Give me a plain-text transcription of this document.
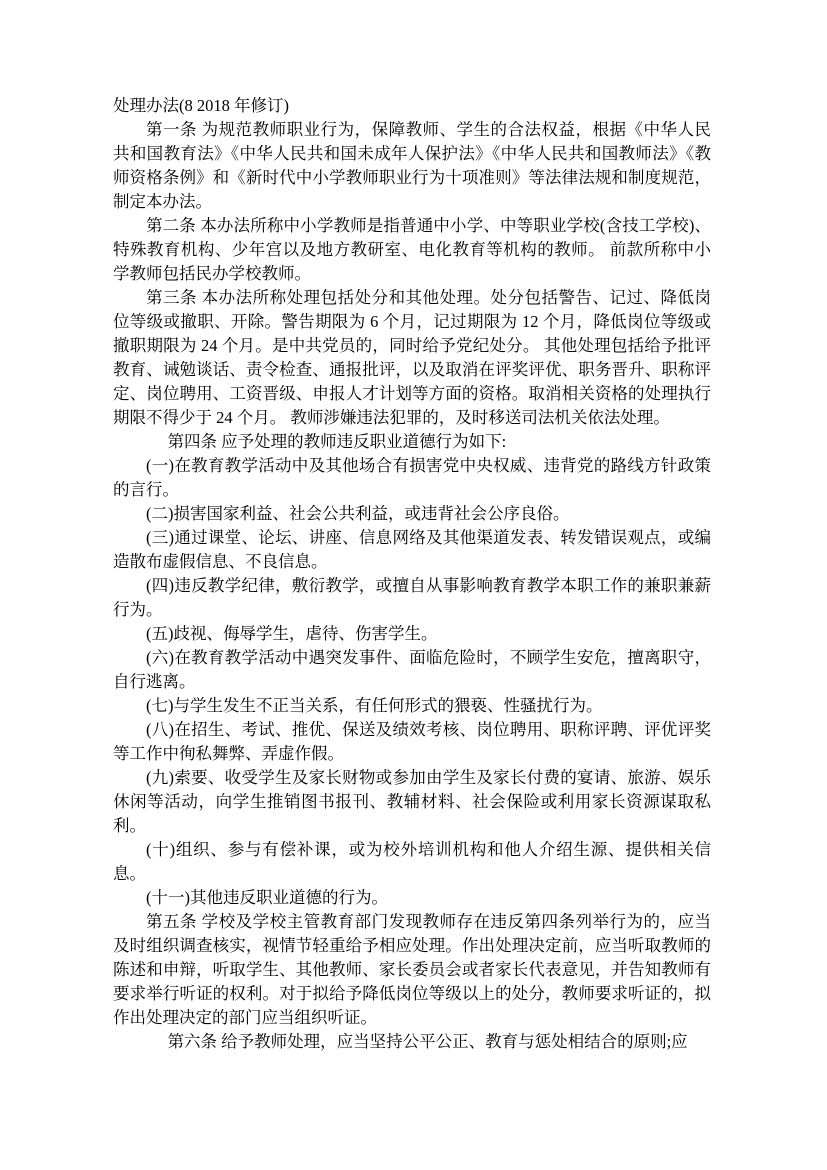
处理办法(8 2018 年修订)

第一条 为规范教师职业行为，保障教师、学生的合法权益，根据《中华人民共和国教育法》《中华人民共和国未成年人保护法》《中华人民共和国教师法》《教师资格条例》和《新时代中小学教师职业行为十项准则》等法律法规和制度规范，制定本办法。

第二条 本办法所称中小学教师是指普通中小学、中等职业学校(含技工学校)、特殊教育机构、少年宫以及地方教研室、电化教育等机构的教师。 前款所称中小学教师包括民办学校教师。

第三条 本办法所称处理包括处分和其他处理。处分包括警告、记过、降低岗位等级或撤职、开除。警告期限为 6 个月，记过期限为 12 个月，降低岗位等级或撤职期限为 24 个月。是中共党员的，同时给予党纪处分。 其他处理包括给予批评教育、诫勉谈话、责令检查、通报批评，以及取消在评奖评优、职务晋升、职称评定、岗位聘用、工资晋级、申报人才计划等方面的资格。取消相关资格的处理执行期限不得少于 24 个月。 教师涉嫌违法犯罪的，及时移送司法机关依法处理。

第四条 应予处理的教师违反职业道德行为如下:

(一)在教育教学活动中及其他场合有损害党中央权威、违背党的路线方针政策的言行。

(二)损害国家利益、社会公共利益，或违背社会公序良俗。

(三)通过课堂、论坛、讲座、信息网络及其他渠道发表、转发错误观点，或编造散布虚假信息、不良信息。

(四)违反教学纪律，敷衍教学，或擅自从事影响教育教学本职工作的兼职兼薪行为。

(五)歧视、侮辱学生，虐待、伤害学生。

(六)在教育教学活动中遇突发事件、面临危险时，不顾学生安危，擅离职守，自行逃离。

(七)与学生发生不正当关系，有任何形式的猥亵、性骚扰行为。

(八)在招生、考试、推优、保送及绩效考核、岗位聘用、职称评聘、评优评奖等工作中徇私舞弊、弄虚作假。

(九)索要、收受学生及家长财物或参加由学生及家长付费的宴请、旅游、娱乐休闲等活动，向学生推销图书报刊、教辅材料、社会保险或利用家长资源谋取私利。

(十)组织、参与有偿补课，或为校外培训机构和他人介绍生源、提供相关信息。

(十一)其他违反职业道德的行为。

第五条 学校及学校主管教育部门发现教师存在违反第四条列举行为的，应当及时组织调查核实，视情节轻重给予相应处理。作出处理决定前，应当听取教师的陈述和申辩，听取学生、其他教师、家长委员会或者家长代表意见，并告知教师有要求举行听证的权利。对于拟给予降低岗位等级以上的处分，教师要求听证的，拟作出处理决定的部门应当组织听证。

第六条 给予教师处理，应当坚持公平公正、教育与惩处相结合的原则;应
